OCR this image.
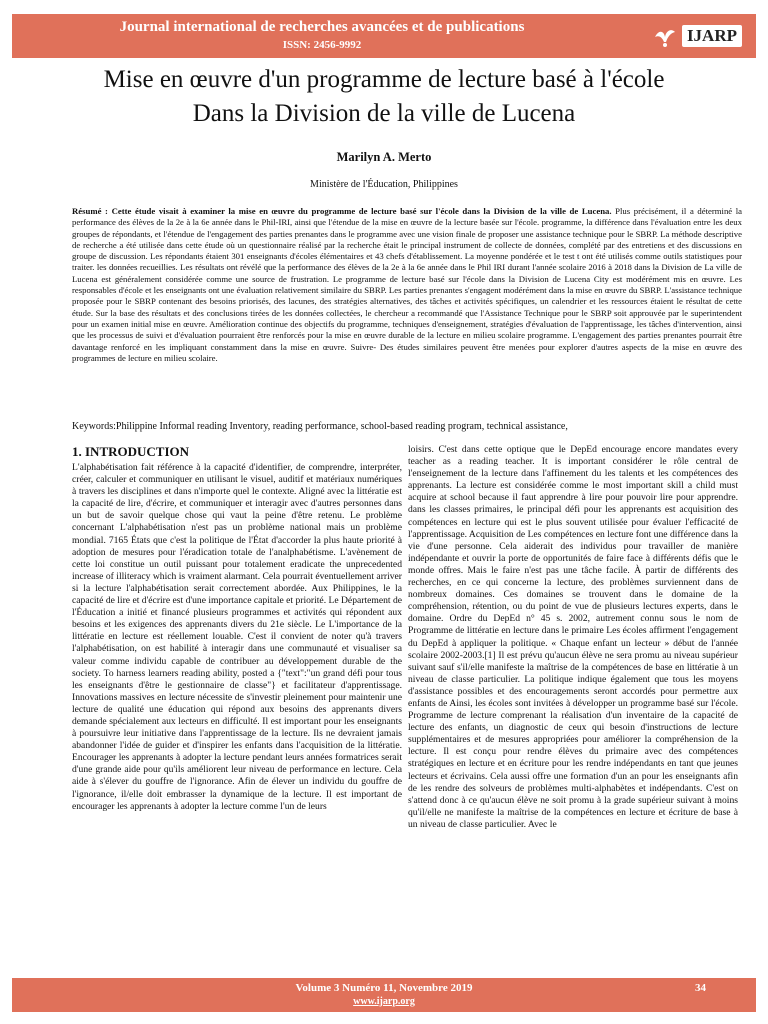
Journal international de recherches avancées et de publications
ISSN: 2456-9992	IJARP
Mise en œuvre d'un programme de lecture basé à l'école
Dans la Division de la ville de Lucena
Marilyn A. Merto
Ministère de l'Éducation, Philippines

Résumé : Cette étude visait à examiner la mise en œuvre du programme de lecture basé sur l'école dans la Division de la ville de Lucena. Plus précisément, il a déterminé la performance des élèves de la 2e à la 6e année dans le Phil-IRI, ainsi que l'étendue de la mise en œuvre de la lecture basée sur l'école. programme, la différence dans l'évaluation entre les deux groupes de répondants, et l'étendue de l'engagement des parties prenantes dans le programme avec une vision finale de proposer une assistance technique pour le SBRP. La méthode descriptive de recherche a été utilisée dans cette étude où un questionnaire réalisé par la recherche était le principal instrument de collecte de données, complété par des entretiens et des discussions en groupe de discussion. Les répondants étaient 301 enseignants d'écoles élémentaires et 43 chefs d'établissement. La moyenne pondérée et le test t ont été utilisés comme outils statistiques pour traiter. les données recueillies. Les résultats ont révélé que la performance des élèves de la 2e à la 6e année dans le Phil IRI durant l'année scolaire 2016 à 2018 dans la Division de La ville de Lucena est généralement considérée comme une source de frustration. Le programme de lecture basé sur l'école dans la Division de Lucena City est modérément mis en œuvre. Les responsables d'école et les enseignants ont une évaluation relativement similaire du SBRP. Les parties prenantes s'engagent modérément dans la mise en œuvre du SBRP. L'assistance technique proposée pour le SBRP contenant des besoins priorisés, des lacunes, des stratégies alternatives, des tâches et activités spécifiques, un calendrier et les ressources étaient le résultat de cette étude. Sur la base des résultats et des conclusions tirées de les données collectées, le chercheur a recommandé que l'Assistance Technique pour le SBRP soit approuvée par le superintendent pour un examen initial mise en œuvre. Amélioration continue des objectifs du programme, techniques d'enseignement, stratégies d'évaluation de l'apprentissage, les tâches d'intervention, ainsi que les processus de suivi et d'évaluation pourraient être renforcés pour la mise en œuvre durable de la lecture en milieu scolaire programme. L'engagement des parties prenantes pourrait être davantage renforcé en les impliquant constamment dans la mise en œuvre. Suivre- Des études similaires peuvent être menées pour explorer d'autres aspects de la mise en œuvre des programmes de lecture en milieu scolaire.

Keywords:Philippine Informal reading Inventory, reading performance, school-based reading program, technical assistance,

1. INTRODUCTION

L'alphabétisation fait référence à la capacité d'identifier, de comprendre, interpréter, créer, calculer et communiquer en utilisant le visuel, auditif et matériaux numériques à travers les disciplines et dans n'importe quel le contexte. Aligné avec la littératie est la capacité de lire, d'écrire, et communiquer et interagir avec d'autres personnes dans un but de savoir quelque chose qui vaut la peine d'être retenu. Le problème concernant L'alphabétisation n'est pas un problème national mais un problème mondial. 7165 États que c'est la politique de l'État d'accorder la plus haute priorité à adoption de mesures pour l'éradication totale de l'analphabétisme. L'avènement de cette loi constitue un outil puissant pour totalement eradicate the unprecedented increase of illiteracy which is vraiment alarmant. Cela pourrait éventuellement arriver si la lecture l'alphabétisation serait correctement abordée. Aux Philippines, le la capacité de lire et d'écrire est d'une importance capitale et priorité. Le Département de l'Éducation a initié et financé plusieurs programmes et activités qui répondent aux besoins et les exigences des apprenants divers du 21e siècle. Le L'importance de la littératie en lecture est réellement louable. C'est il convient de noter qu'à travers l'alphabétisation, on est habilité à interagir dans une communauté et visualiser sa valeur comme individu capable de contribuer au développement durable de the society. To harness learners reading ability, posted a {"text":"un grand défi pour tous les enseignants d'être le gestionnaire de classe"} et facilitateur d'apprentissage. Innovations massives en lecture nécessite de s'investir pleinement pour maintenir une lecture de qualité une éducation qui répond aux besoins des apprenants divers demande spécialement aux lecteurs en difficulté. Il est important pour les enseignants à poursuivre leur initiative dans l'apprentissage de la lecture. Ils ne devraient jamais abandonner l'idée de guider et d'inspirer les enfants dans l'acquisition de la littératie. Encourager les apprenants à adopter la lecture pendant leurs années formatrices serait d'une grande aide pour qu'ils améliorent leur niveau de performance en lecture. Cela aide à s'élever du gouffre de l'ignorance. Afin de élever un individu du gouffre de l'ignorance, il/elle doit embrasser la dynamique de la lecture. Il est important de encourager les apprenants à adopter la lecture comme l'un de leurs

loisirs. C'est dans cette optique que le DepEd encourage encore mandates every teacher as a reading teacher. It is important considérer le rôle central de l'enseignement de la lecture dans l'affinement du les talents et les compétences des apprenants. La lecture est considérée comme le most important skill a child must acquire at school because il faut apprendre à lire pour pouvoir lire pour apprendre. dans les classes primaires, le principal défi pour les apprenants est acquisition des compétences en lecture qui est le plus souvent utilisée pour évaluer l'efficacité de l'apprentissage. Acquisition de Les compétences en lecture font une différence dans la vie d'une personne. Cela aiderait des individus pour travailler de manière indépendante et ouvrir la porte de opportunités de faire face à différents défis que le monde offres. Mais le faire n'est pas une tâche facile. À partir de différents des recherches, en ce qui concerne la lecture, des problèmes surviennent dans de nombreux domaines. Ces domaines se trouvent dans le domaine de la compréhension, rétention, ou du point de vue de plusieurs lectures experts, dans le domaine. Ordre du DepEd n° 45 s. 2002, autrement connu sous le nom de Programme de littératie en lecture dans le primaire Les écoles affirment l'engagement du DepEd à appliquer la politique. « Chaque enfant un lecteur » début de l'année scolaire 2002-2003.[1] Il est prévu qu'aucun élève ne sera promu au niveau supérieur suivant sauf s'il/elle manifeste la maîtrise de la compétences de base en littératie à un niveau de classe particulier. La politique indique également que tous les moyens d'assistance possibles et des encouragements seront accordés pour permettre aux enfants de Ainsi, les écoles sont invitées à développer un programme basé sur l'école. Programme de lecture comprenant la réalisation d'un inventaire de la capacité de lecture des enfants, un diagnostic de ceux qui besoin d'instructions de lecture supplémentaires et de mesures appropriées pour améliorer la compréhension de la lecture. Il est conçu pour rendre élèves du primaire avec des compétences stratégiques en lecture et en écriture pour les rendre indépendants en tant que jeunes lecteurs et écrivains. Cela aussi offre une formation d'un an pour les enseignants afin de les rendre des solveurs de problèmes multi-alphabètes et indépendants. C'est on s'attend donc à ce qu'aucun élève ne soit promu à la grade supérieur suivant à moins qu'il/elle ne manifeste la maîtrise de la compétences en lecture et écriture de base à un niveau de classe particulier. Avec le

Volume 3 Numéro 11, Novembre 2019
www.ijarp.org
34
